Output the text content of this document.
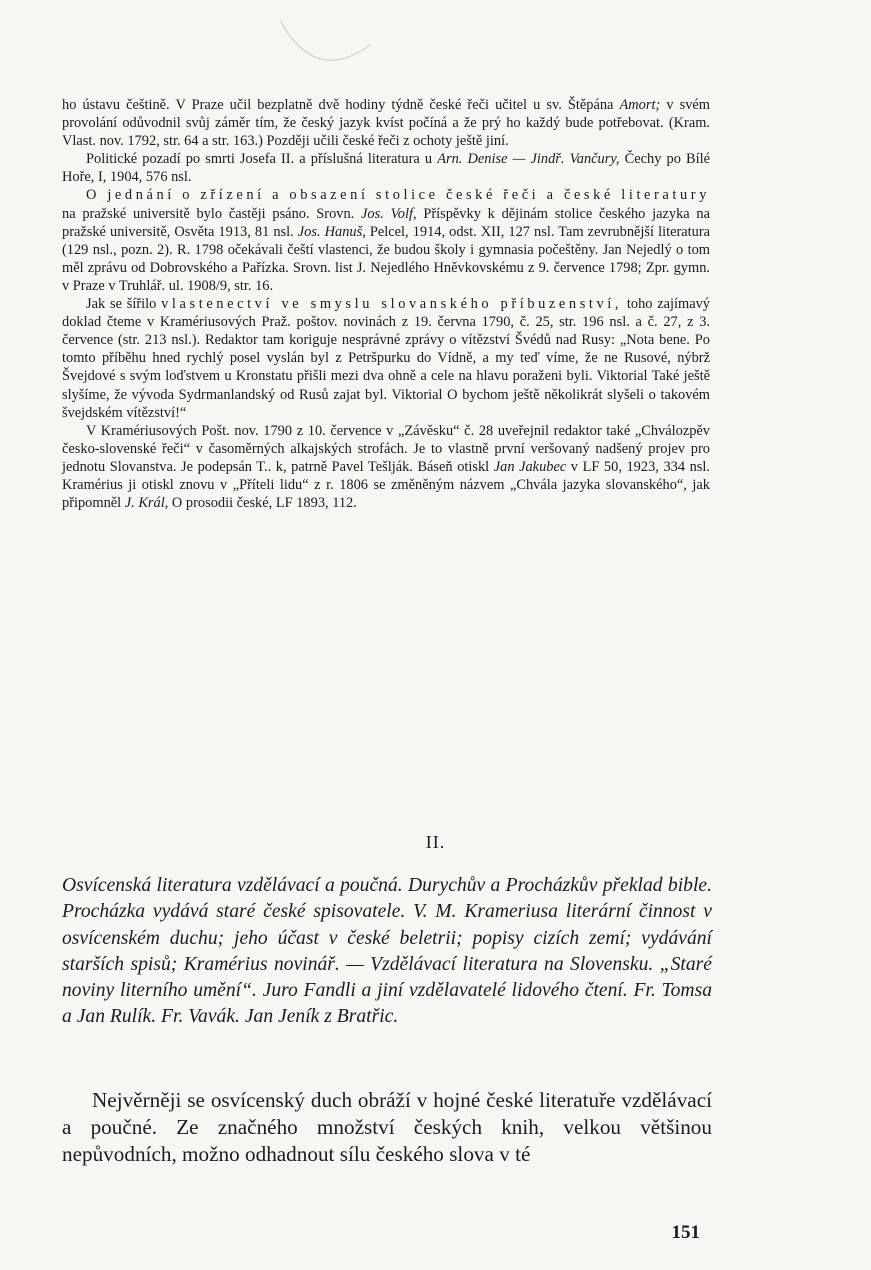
ho ústavu češtině. V Praze učil bezplatně dvě hodiny týdně české řeči učitel u sv. Štěpána Amort; v svém provolání odůvodnil svůj záměr tím, že český jazyk kvíst počíná a že prý ho každý bude potřebovat. (Kram. Vlast. nov. 1792, str. 64 a str. 163.) Později učili české řeči z ochoty ještě jiní.

Politické pozadí po smrti Josefa II. a příslušná literatura u Arn. Denise — Jindř. Vančury, Čechy po Bílé Hoře, I, 1904, 576 nsl.

O jednání o zřízení a obsazení stolice české řeči a české literatury na pražské universitě bylo častěji psáno. Srovn. Jos. Volf, Příspěvky k dějinám stolice českého jazyka na pražské universitě, Osvěta 1913, 81 nsl. Jos. Hanuš, Pelcel, 1914, odst. XII, 127 nsl. Tam zevrubnější literatura (129 nsl., pozn. 2). R. 1798 očekávali čeští vlastenci, že budou školy i gymnasia počeštěny. Jan Nejedlý o tom měl zprávu od Dobrovského a Pařízka. Srovn. list J. Nejedlého Hněvkovskému z 9. července 1798; Zpr. gymn. v Praze v Truhlář. ul. 1908/9, str. 16.

Jak se šířilo vlastenectví ve smyslu slovanského příbuzenství, toho zajímavý doklad čteme v Kramériusových Praž. poštov. novinách z 19. června 1790, č. 25, str. 196 nsl. a č. 27, z 3. července (str. 213 nsl.). Redaktor tam koriguje nesprávné zprávy o vítězství Švédů nad Rusy: „Nota bene. Po tomto příběhu hned rychlý posel vyslán byl z Petršpurku do Vídně, a my teď víme, že ne Rusové, nýbrž Švejdové s svým loďstvem u Kronstatu přišli mezi dva ohně a cele na hlavu poraženi byli. Viktorial Také ještě slyšíme, že vývoda Sydrmanlandský od Rusů zajat byl. Viktorial O bychom ještě několikrát slyšeli o takovém švejdském vítězství!“

V Kramériusových Pošt. nov. 1790 z 10. července v „Závěsku“ č. 28 uveřejnil redaktor také „Chválozpěv česko-slovenské řeči“ v časoměrných alkajských strofách. Je to vlastně první veršovaný nadšený projev pro jednotu Slovanstva. Je podepsán T.. k, patrně Pavel Tešlják. Báseň otiskl Jan Jakubec v LF 50, 1923, 334 nsl. Kramérius ji otiskl znovu v „Příteli lidu“ z r. 1806 se změněným názvem „Chvála jazyka slovanského“, jak připomněl J. Král, O prosodii české, LF 1893, 112.

II.
Osvícenská literatura vzdělávací a poučná. Durychův a Procházkův překlad bible. Procházka vydává staré české spisovatele. V. M. Krameriusa literární činnost v osvícenském duchu; jeho účast v české beletrii; popisy cizích zemí; vydávání starších spisů; Kramérius novinář. — Vzdělávací literatura na Slovensku. „Staré noviny literního umění“. Juro Fandli a jiní vzdělavatelé lidového čtení. Fr. Tomsa a Jan Rulík. Fr. Vavák. Jan Jeník z Bratřic.

Nejvěrněji se osvícenský duch obráží v hojné české literatuře vzdělávací a poučné. Ze značného množství českých knih, velkou většinou nepůvodních, možno odhadnout sílu českého slova v té

151
